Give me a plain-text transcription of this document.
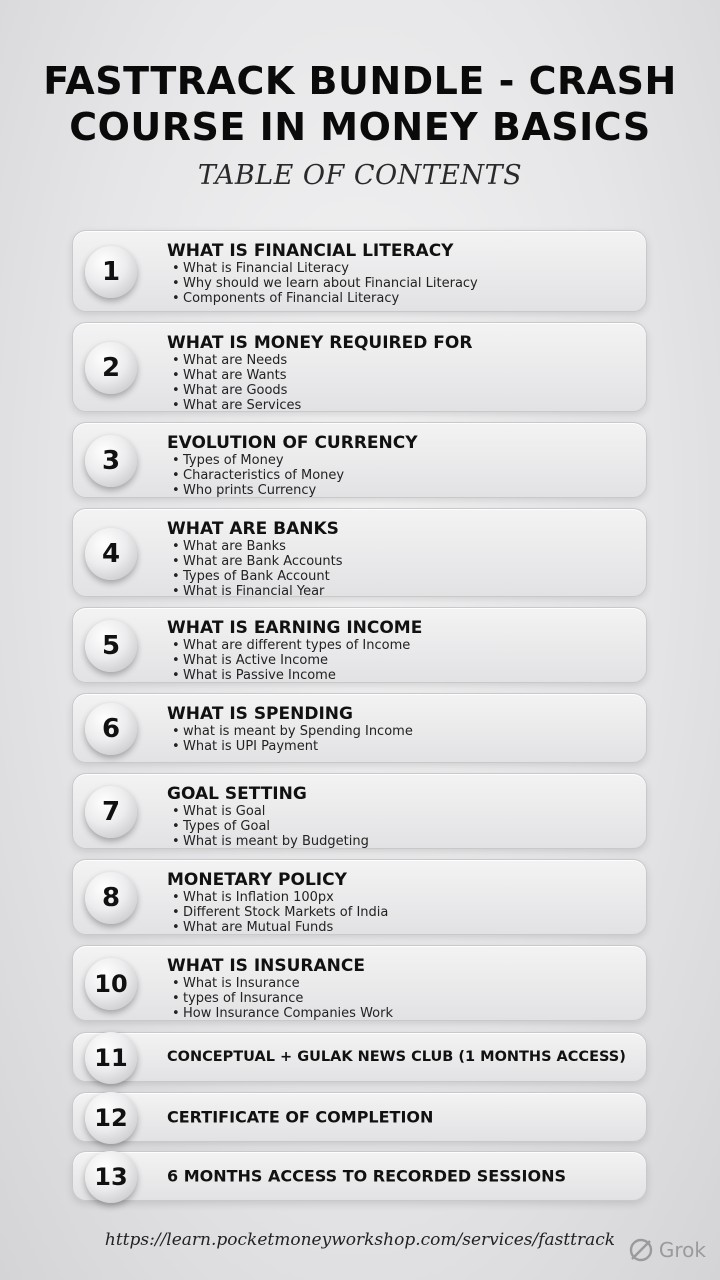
FASTTRACK BUNDLE - CRASH
COURSE IN MONEY BASICS
TABLE OF CONTENTS
1
WHAT IS FINANCIAL LITERACY
• What is Financial Literacy
• Why should we learn about Financial Literacy
• Components of Financial Literacy
2
WHAT IS MONEY REQUIRED FOR
• What are Needs
• What are Wants
• What are Goods
• What are Services
3
EVOLUTION OF CURRENCY
• Types of Money
• Characteristics of Money
• Who prints Currency
4
WHAT ARE BANKS
• What are Banks
• What are Bank Accounts
• Types of Bank Account
• What is Financial Year
5
WHAT IS EARNING INCOME
• What are different types of Income
• What is Active Income
• What is Passive Income
6	WHAT IS SPENDING
• what is meant by Spending Income
• What is UPI Payment
7
GOAL SETTING
• What is Goal
• Types of Goal
• What is meant by Budgeting
8
MONETARY POLICY
• What is Inflation 100px
• Different Stock Markets of India
• What are Mutual Funds
10
WHAT IS INSURANCE
• What is Insurance
• types of Insurance
• How Insurance Companies Work
11	CONCEPTUAL + GULAK NEWS CLUB (1 MONTHS ACCESS)
12	CERTIFICATE OF COMPLETION
13	6 MONTHS ACCESS TO RECORDED SESSIONS
https://learn.pocketmoneyworkshop.com/services/fasttrack	Grok
